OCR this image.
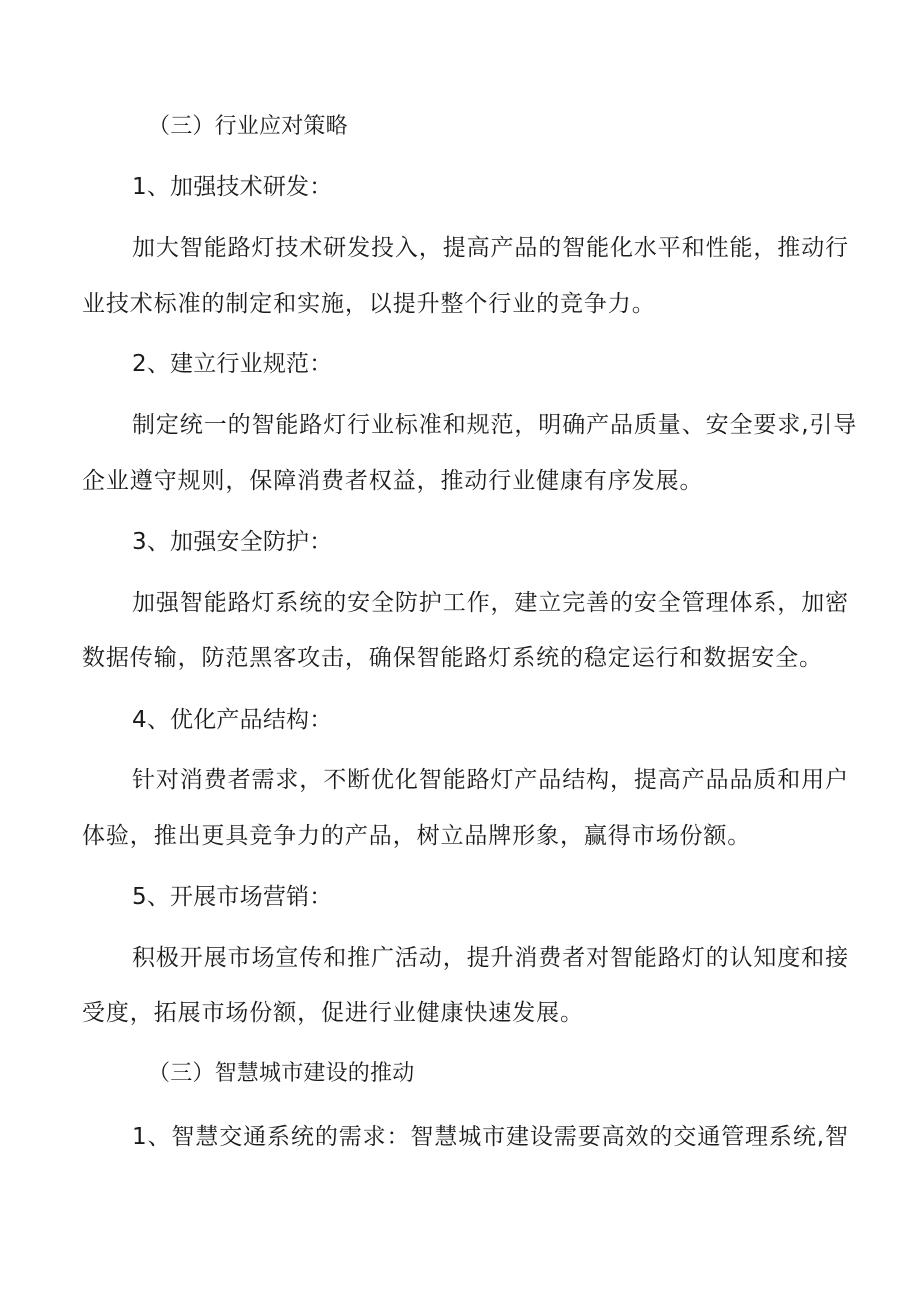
（三）行业应对策略
1、加强技术研发：
加大智能路灯技术研发投入，提高产品的智能化水平和性能，推动行
业技术标准的制定和实施，以提升整个行业的竞争力。
2、建立行业规范：
制定统一的智能路灯行业标准和规范，明确产品质量、安全要求,引导
企业遵守规则，保障消费者权益，推动行业健康有序发展。
3、加强安全防护：
加强智能路灯系统的安全防护工作，建立完善的安全管理体系，加密
数据传输，防范黑客攻击，确保智能路灯系统的稳定运行和数据安全。
4、优化产品结构：
针对消费者需求，不断优化智能路灯产品结构，提高产品品质和用户
体验，推出更具竞争力的产品，树立品牌形象，赢得市场份额。
5、开展市场营销：
积极开展市场宣传和推广活动，提升消费者对智能路灯的认知度和接
受度，拓展市场份额，促进行业健康快速发展。
（三）智慧城市建设的推动
1、智慧交通系统的需求：智慧城市建设需要高效的交通管理系统,智
